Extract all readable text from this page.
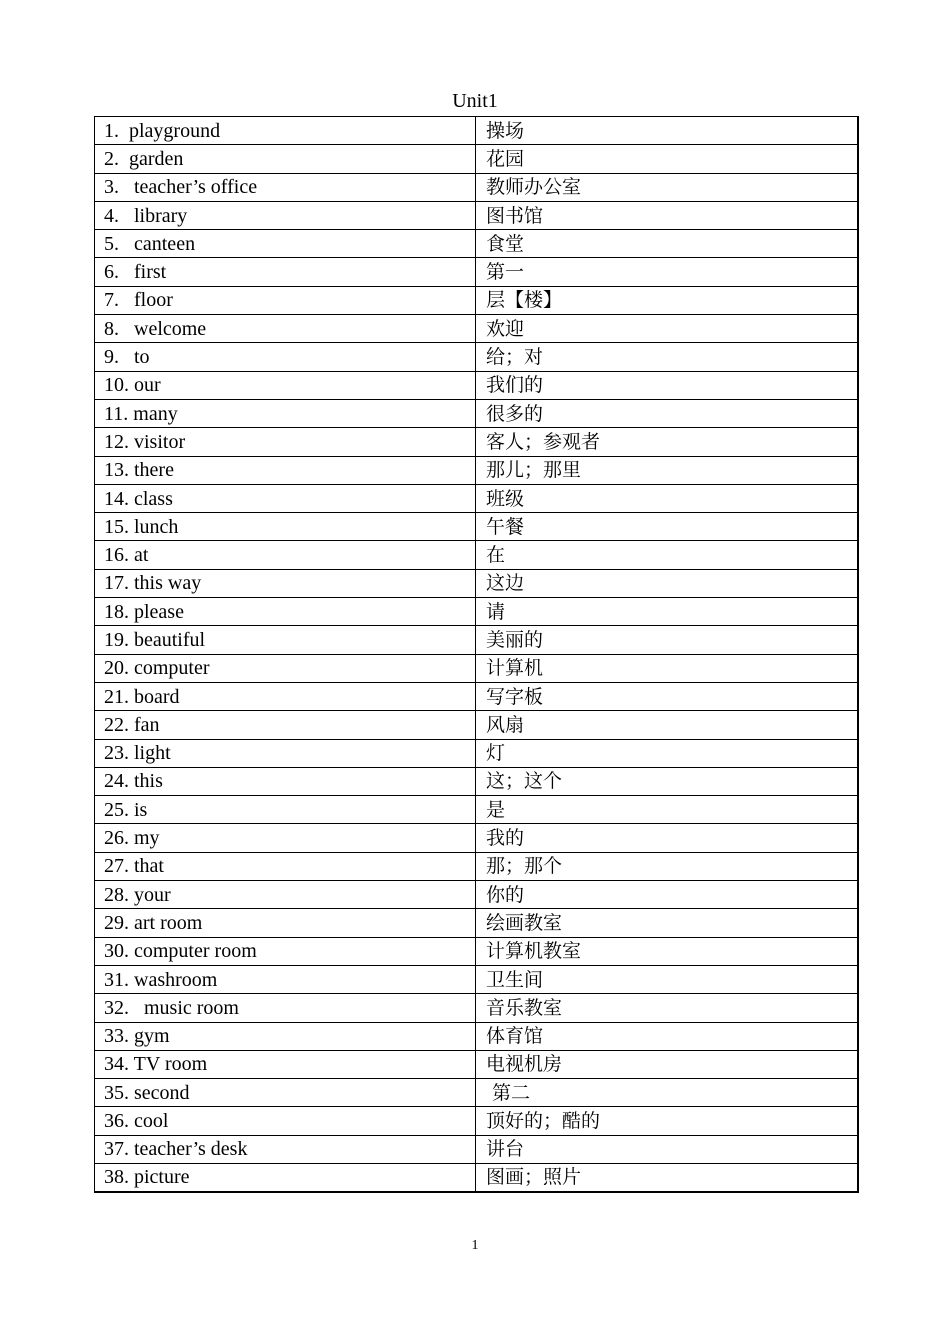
Unit1
1.  playground	操场
2.  garden	花园
3.   teacher’s office	教师办公室
4.   library	图书馆
5.   canteen	食堂
6.   first	第一
7.   floor	层【楼】
8.   welcome	欢迎
9.   to	给；对
10. our	我们的
11. many	很多的
12. visitor	客人；参观者
13. there	那儿；那里
14. class	班级
15. lunch	午餐
16. at	在
17. this way	这边
18. please	请
19. beautiful	美丽的
20. computer	计算机
21. board	写字板
22. fan	风扇
23. light	灯
24. this	这；这个
25. is	是
26. my	我的
27. that	那；那个
28. your	你的
29. art room	绘画教室
30. computer room	计算机教室
31. washroom	卫生间
32.   music room	音乐教室
33. gym	体育馆
34. TV room	电视机房
35. second	第二
36. cool	顶好的；酷的
37. teacher’s desk	讲台
38. picture	图画；照片
1
